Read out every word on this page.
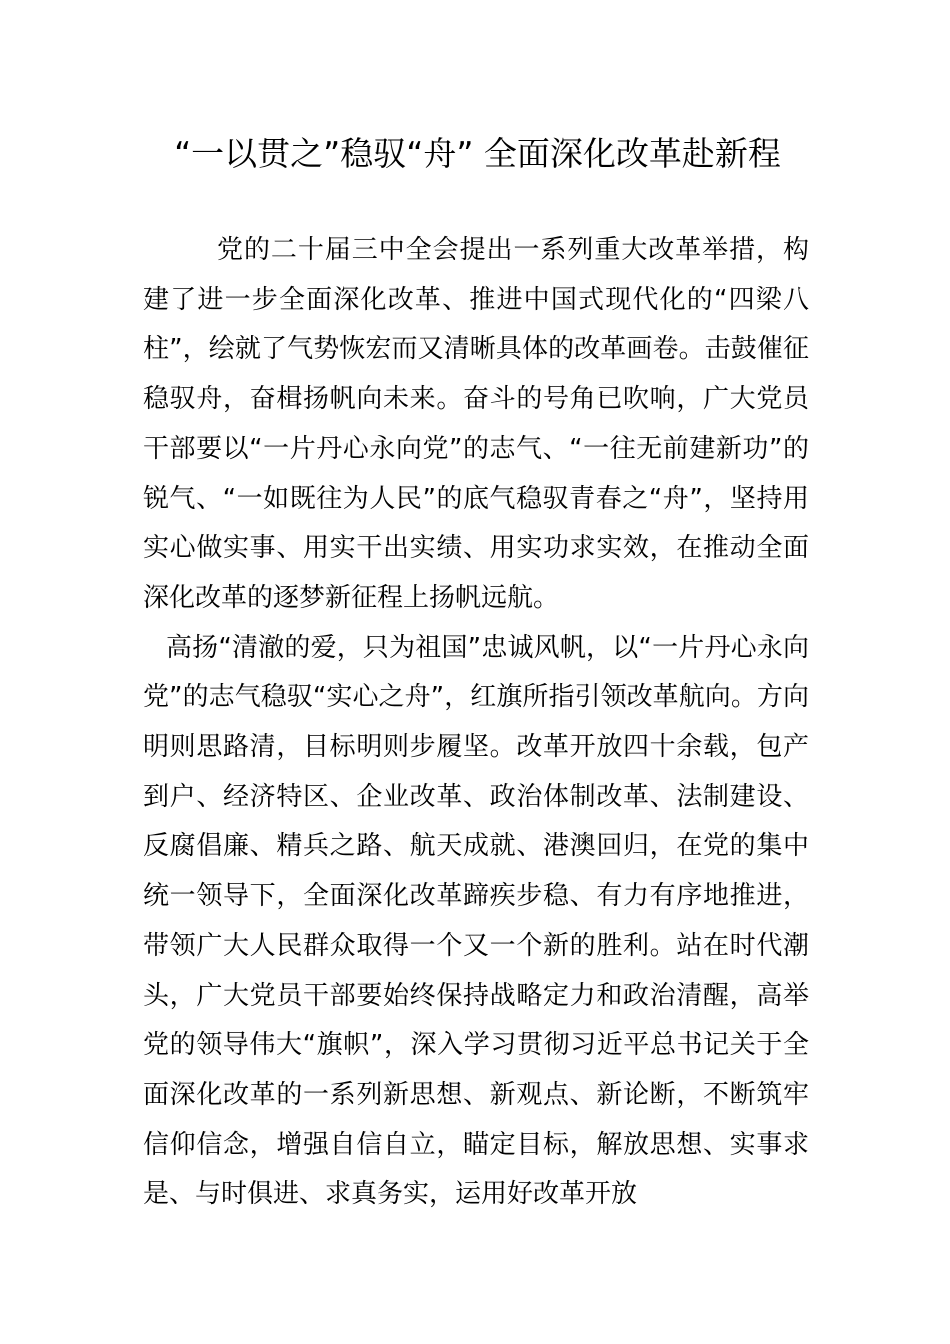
“一以贯之”稳驭“舟” 全面深化改革赴新程

党的二十届三中全会提出一系列重大改革举措，构建了进一步全面深化改革、推进中国式现代化的“四梁八柱”，绘就了气势恢宏而又清晰具体的改革画卷。击鼓催征稳驭舟，奋楫扬帆向未来。奋斗的号角已吹响，广大党员干部要以“一片丹心永向党”的志气、“一往无前建新功”的锐气、“一如既往为人民”的底气稳驭青春之“舟”，坚持用实心做实事、用实干出实绩、用实功求实效，在推动全面深化改革的逐梦新征程上扬帆远航。

高扬“清澈的爱，只为祖国”忠诚风帆，以“一片丹心永向党”的志气稳驭“实心之舟”，红旗所指引领改革航向。方向明则思路清，目标明则步履坚。改革开放四十余载，包产到户、经济特区、企业改革、政治体制改革、法制建设、反腐倡廉、精兵之路、航天成就、港澳回归，在党的集中统一领导下，全面深化改革蹄疾步稳、有力有序地推进，带领广大人民群众取得一个又一个新的胜利。站在时代潮头，广大党员干部要始终保持战略定力和政治清醒，高举党的领导伟大“旗帜”，深入学习贯彻习近平总书记关于全面深化改革的一系列新思想、新观点、新论断，不断筑牢信仰信念，增强自信自立，瞄定目标，解放思想、实事求是、与时俱进、求真务实，运用好改革开放
